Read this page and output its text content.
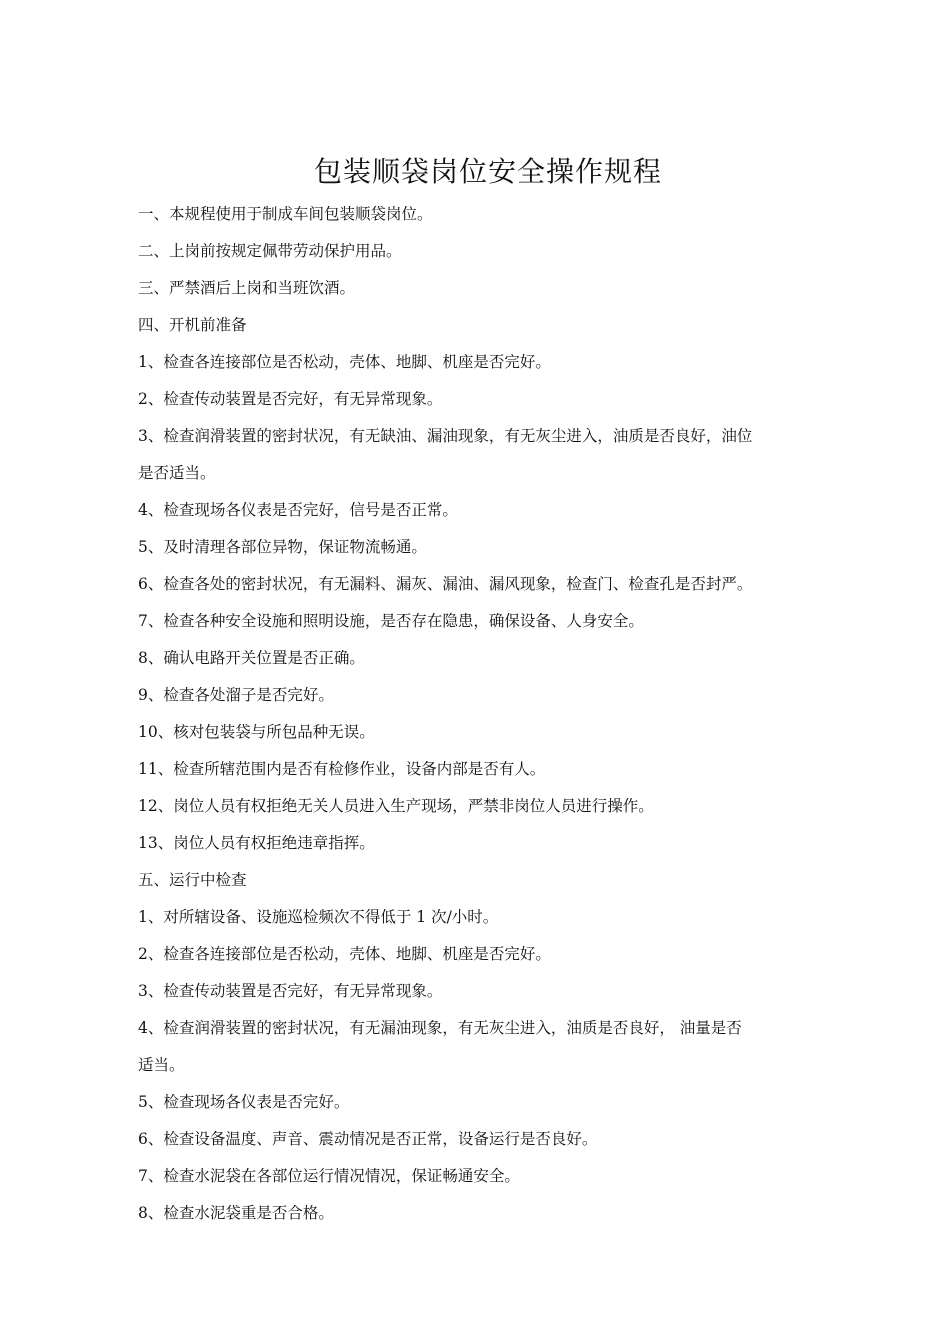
包装顺袋岗位安全操作规程
一、本规程使用于制成车间包装顺袋岗位。
二、上岗前按规定佩带劳动保护用品。
三、严禁酒后上岗和当班饮酒。
四、开机前准备
1、检查各连接部位是否松动，壳体、地脚、机座是否完好。
2、检查传动装置是否完好，有无异常现象。
3、检查润滑装置的密封状况，有无缺油、漏油现象，有无灰尘进入，油质是否良好，油位
是否适当。
4、检查现场各仪表是否完好，信号是否正常。
5、及时清理各部位异物，保证物流畅通。
6、检查各处的密封状况，有无漏料、漏灰、漏油、漏风现象，检查门、检查孔是否封严。
7、检查各种安全设施和照明设施，是否存在隐患，确保设备、人身安全。
8、确认电路开关位置是否正确。
9、检查各处溜子是否完好。
10、核对包装袋与所包品种无误。
11、检查所辖范围内是否有检修作业，设备内部是否有人。
12、岗位人员有权拒绝无关人员进入生产现场，严禁非岗位人员进行操作。
13、岗位人员有权拒绝违章指挥。
五、运行中检查
1、对所辖设备、设施巡检频次不得低于 1 次/小时。
2、检查各连接部位是否松动，壳体、地脚、机座是否完好。
3、检查传动装置是否完好，有无异常现象。
4、检查润滑装置的密封状况，有无漏油现象，有无灰尘进入，油质是否良好， 油量是否
适当。
5、检查现场各仪表是否完好。
6、检查设备温度、声音、震动情况是否正常，设备运行是否良好。
7、检查水泥袋在各部位运行情况情况，保证畅通安全。
8、检查水泥袋重是否合格。
